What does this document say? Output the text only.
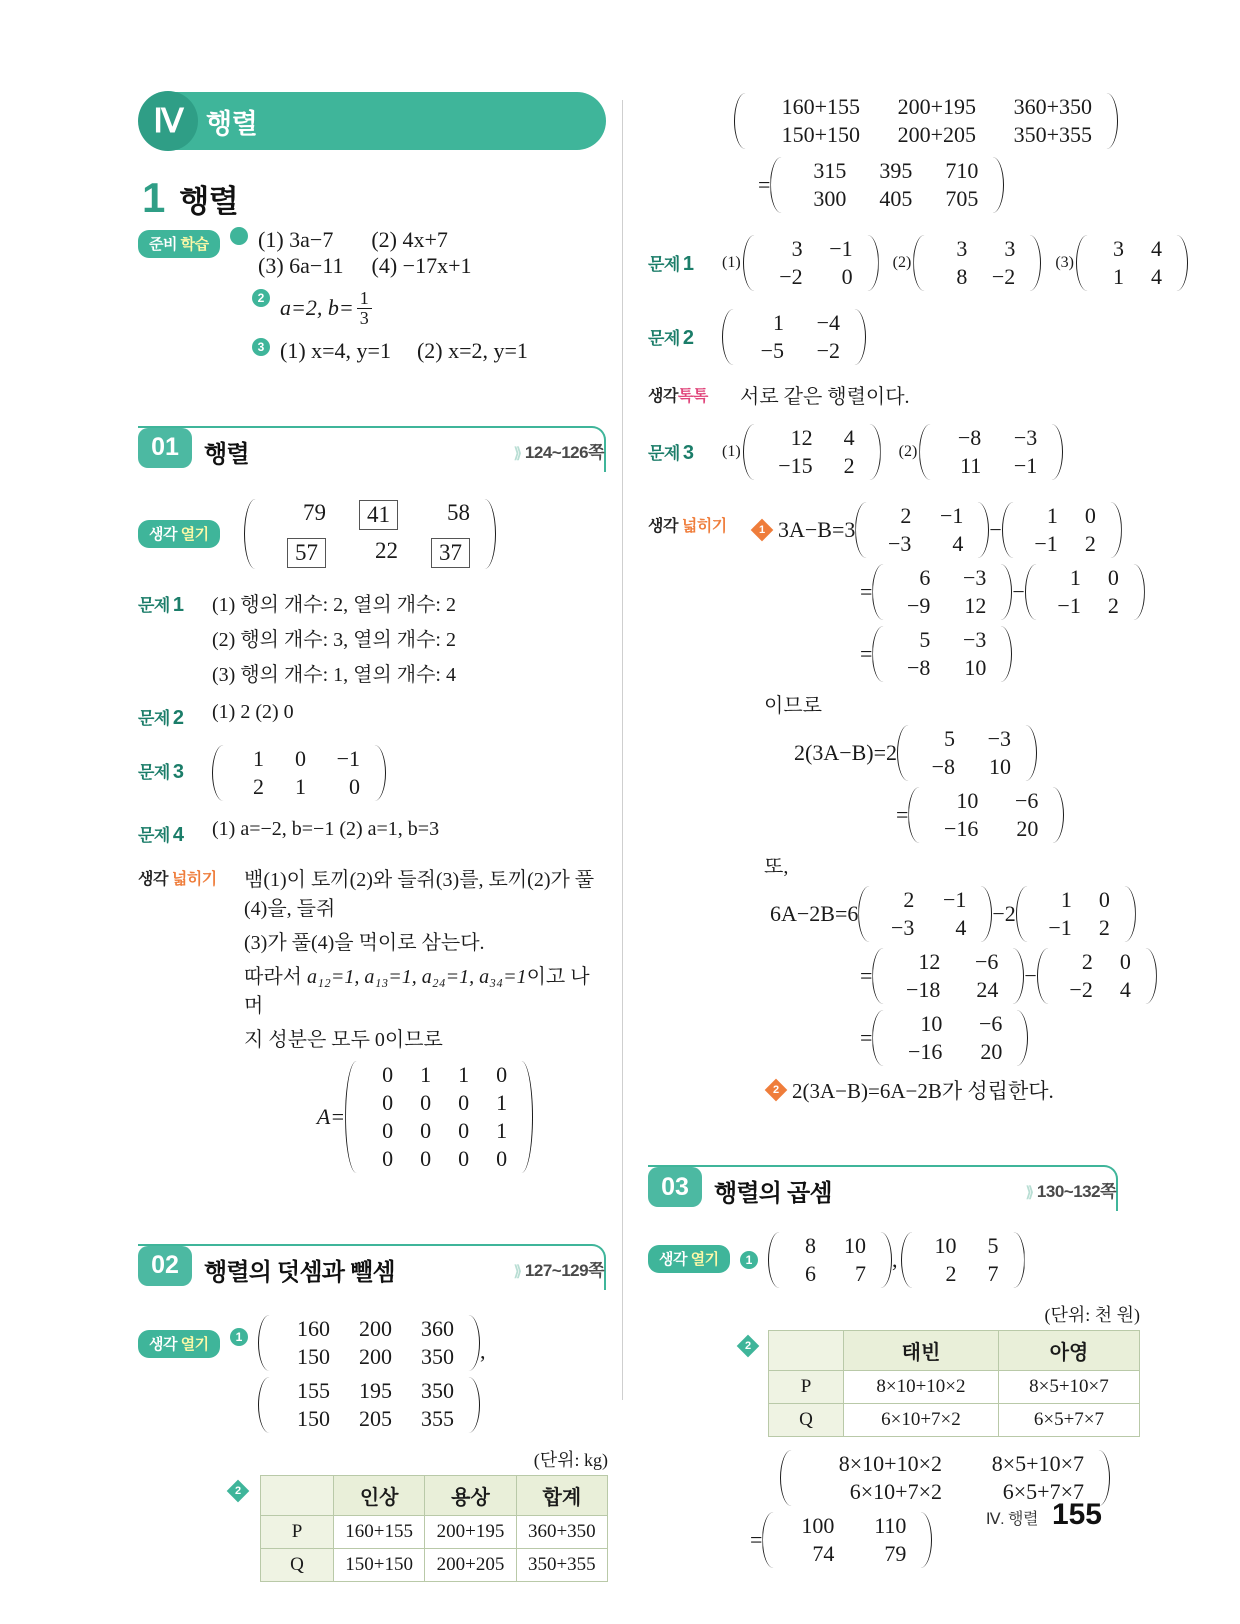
Ⅳ 행렬
1 행렬
준비 학습	(1) 3a−7 (2) 4x+7
(3) 6a−11 (4) −17x+1
2 a=2, $b= \frac{1}{3}$
3 (1) x=4, y=1 (2) x=2, y=1
01	행렬	⟫ 124~126쪽
생각 열기
79	41	58
57	22	37
문제 1	(1) 행의 개수: 2, 열의 개수: 2
(2) 행의 개수: 3, 열의 개수: 2
(3) 행의 개수: 1, 열의 개수: 4
문제 2	(1) 2 (2) 0
문제 3
1	0	−1
2	1	0
문제 4	(1) a=−2, b=−1 (2) a=1, b=3
생각 넓히기	뱀(1)이 토끼(2)와 들쥐(3)를, 토끼(2)가 풀(4)을, 들쥐
(3)가 풀(4)을 먹이로 삼는다.
따라서 a₁₂=1, a₁₃=1, a₂₄=1, a₃₄=1이고 나머
지 성분은 모두 0이므로
A=
0	1	1	0
0	0	0	1
0	0	0	1
0	0	0	0
02	행렬의 덧셈과 뺄셈	⟫ 127~129쪽
생각 열기	1	160	200	360
150	200	350	,
155	195	350
150	205	355
(단위: kg)
2
		인상	용상	합계
P	160+155	200+195	360+350
Q	150+150	200+205	350+355
160+155	200+195	360+350
150+150	200+205	350+355
=
315	395	710
300	405	705
문제 1	(1)
3	−1
−2	0
(2)
3	3
8	−2
(3)
3	4
1	4
문제 2
1	−4
−5	−2
생각톡톡	서로 같은 행렬이다.
문제 3	(1)
12	4
−15	2
(2)
−8	−3
11	−1
생각 넓히기	1 3A−B=3
2	−1
−3	4
−
1	0
−1	2
=
6	−3
−9	12
−
1	0
−1	2
=
5	−3
−8	10
이므로
2(3A−B)=2
5	−3
−8	10
=
10	−6
−16	20
또,
6A−2B=6
2	−1
−3	4
−2
1	0
−1	2
=
12	−6
−18	24
−
2	0
−2	4
=
10	−6
−16	20
2 2(3A−B)=6A−2B가 성립한다.
03	행렬의 곱셈	⟫ 130~132쪽
생각 열기	1
8	10
6	7
,
10	5
2	7
(단위: 천 원)
2
		태빈	아영
P	8×10+10×2	8×5+10×7
Q	6×10+7×2	6×5+7×7
8×10+10×2	8×5+10×7
6×10+7×2	6×5+7×7
=
100	110
74	79
Ⅳ. 행렬 155
